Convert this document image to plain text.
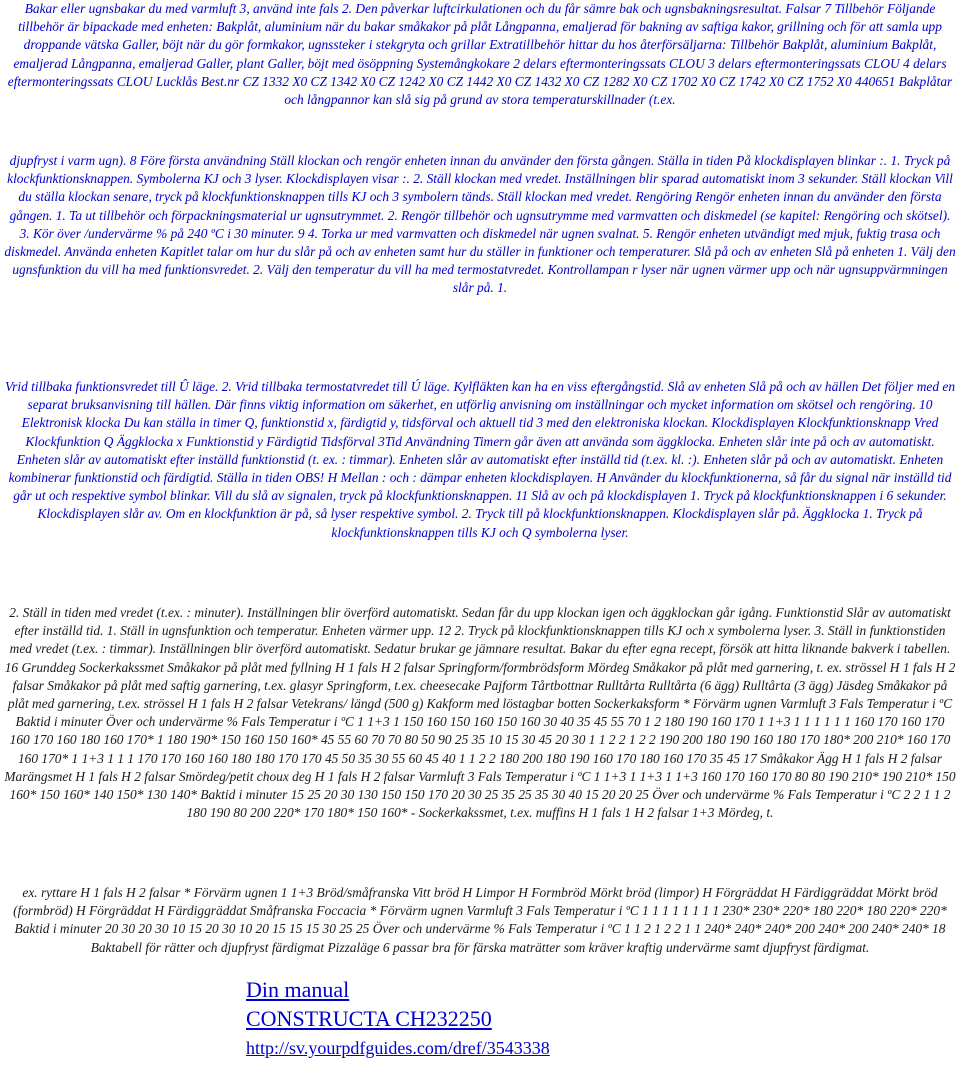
Bakar eller ugnsbakar du med varmluft 3, använd inte fals 2. Den påverkar luftcirkulationen och du får sämre bak och ugnsbakningsresultat. Falsar 7 Tillbehör Följande tillbehör är bipackade med enheten: Bakplåt, aluminium när du bakar småkakor på plåt Långpanna, emaljerad för bakning av saftiga kakor, grillning och för att samla upp droppande vätska Galler, böjt när du gör formkakor, ugnssteker i stekgryta och grillar Extratillbehör hittar du hos återförsäljarna: Tillbehör Bakplåt, aluminium Bakplåt, emaljerad Långpanna, emaljerad Galler, plant Galler, böjt med ösöppning Systemångkokare 2 delars eftermonteringssats CLOU 3 delars eftermonteringssats CLOU 4 delars eftermonteringssats CLOU Lucklås Best.nr CZ 1332 X0 CZ 1342 X0 CZ 1242 X0 CZ 1442 X0 CZ 1432 X0 CZ 1282 X0 CZ 1702 X0 CZ 1742 X0 CZ 1752 X0 440651 Bakplåtar och långpannor kan slå sig på grund av stora temperaturskillnader (t.ex.

djupfryst i varm ugn). 8 Före första användning Ställ klockan och rengör enheten innan du använder den första gången. Ställa in tiden På klockdisplayen blinkar :. 1. Tryck på klockfunktionsknappen. Symbolerna KJ och 3 lyser. Klockdisplayen visar :. 2. Ställ klockan med vredet. Inställningen blir sparad automatiskt inom 3 sekunder. Ställ klockan Vill du ställa klockan senare, tryck på klockfunktionsknappen tills KJ och 3 symbolern tänds. Ställ klockan med vredet. Rengöring Rengör enheten innan du använder den första gången. 1. Ta ut tillbehör och förpackningsmaterial ur ugnsutrymmet. 2. Rengör tillbehör och ugnsutrymme med varmvatten och diskmedel (se kapitel: Rengöring och skötsel). 3. Kör över /undervärme % på 240 ºC i 30 minuter. 9 4. Torka ur med varmvatten och diskmedel när ugnen svalnat. 5. Rengör enheten utvändigt med mjuk, fuktig trasa och diskmedel. Använda enheten Kapitlet talar om hur du slår på och av enheten samt hur du ställer in funktioner och temperaturer. Slå på och av enheten Slå på enheten 1. Välj den ugnsfunktion du vill ha med funktionsvredet. 2. Välj den temperatur du vill ha med termostatvredet. Kontrollampan r lyser när ugnen värmer upp och när ugnsuppvärmningen slår på. 1.

Vrid tillbaka funktionsvredet till Û läge. 2. Vrid tillbaka termostatvredet till Ú läge. Kylfläkten kan ha en viss eftergångstid. Slå av enheten Slå på och av hällen Det följer med en separat bruksanvisning till hällen. Där finns viktig information om säkerhet, en utförlig anvisning om inställningar och mycket information om skötsel och rengöring. 10 Elektronisk klocka Du kan ställa in timer Q, funktionstid x, färdigtid y, tidsförval och aktuell tid 3 med den elektroniska klockan. Klockdisplayen Klockfunktionsknapp Vred Klockfunktion Q Äggklocka x Funktionstid y Färdigtid Tidsförval 3Tid Användning Timern går även att använda som äggklocka. Enheten slår inte på och av automatiskt. Enheten slår av automatiskt efter inställd funktionstid (t. ex. : timmar). Enheten slår av automatiskt efter inställd tid (t.ex. kl. :). Enheten slår på och av automatiskt. Enheten kombinerar funktionstid och färdigtid. Ställa in tiden OBS! H Mellan : och : dämpar enheten klockdisplayen. H Använder du klockfunktionerna, så får du signal när inställd tid går ut och respektive symbol blinkar. Vill du slå av signalen, tryck på klockfunktionsknappen. 11 Slå av och på klockdisplayen 1. Tryck på klockfunktionsknappen i 6 sekunder. Klockdisplayen slår av. Om en klockfunktion är på, så lyser respektive symbol. 2. Tryck till på klockfunktionsknappen. Klockdisplayen slår på. Äggklocka 1. Tryck på klockfunktionsknappen tills KJ och Q symbolerna lyser.

2. Ställ in tiden med vredet (t.ex. : minuter). Inställningen blir överförd automatiskt. Sedan får du upp klockan igen och äggklockan går igång. Funktionstid Slår av automatiskt efter inställd tid. 1. Ställ in ugnsfunktion och temperatur. Enheten värmer upp. 12 2. Tryck på klockfunktionsknappen tills KJ och x symbolerna lyser. 3. Ställ in funktionstiden med vredet (t.ex. : timmar). Inställningen blir överförd automatiskt. Sedatur brukar ge jämnare resultat. Bakar du efter egna recept, försök att hitta liknande bakverk i tabellen. 16 Grunddeg Sockerkakssmet Småkakor på plåt med fyllning H 1 fals H 2 falsar Springform/formbrödsform Mördeg Småkakor på plåt med garnering, t. ex. strössel H 1 fals H 2 falsar Småkakor på plåt med saftig garnering, t.ex. glasyr Springform, t.ex. cheesecake Pajform Tårtbottnar Rulltårta Rulltårta (6 ägg) Rulltårta (3 ägg) Jäsdeg Småkakor på plåt med garnering, t.ex. strössel H 1 fals H 2 falsar Vetekrans/ längd (500 g) Kakform med löstagbar botten Sockerkaksform * Förvärm ugnen Varmluft 3 Fals Temperatur i ºC Baktid i minuter Över och undervärme % Fals Temperatur i ºC 1 1+3 1 150 160 150 160 150 160 30 40 35 45 55 70 1 2 180 190 160 170 1 1+3 1 1 1 1 1 1 160 170 160 170 160 170 160 180 160 170* 1 180 190* 150 160 150 160* 45 55 60 70 70 80 50 90 25 35 10 15 30 45 20 30 1 1 2 2 1 2 2 190 200 180 190 160 180 170 180* 200 210* 160 170 160 170* 1 1+3 1 1 1 170 170 160 160 180 180 170 170 45 50 35 30 55 60 45 40 1 1 2 2 180 200 180 190 160 170 180 160 170 35 45 17 Småkakor Ägg H 1 fals H 2 falsar Marängsmet H 1 fals H 2 falsar Smördeg/petit choux deg H 1 fals H 2 falsar Varmluft 3 Fals Temperatur i ºC 1 1+3 1 1+3 1 1+3 160 170 160 170 80 80 190 210* 190 210* 150 160* 150 160* 140 150* 130 140* Baktid i minuter 15 25 20 30 130 150 150 170 20 30 25 35 25 35 30 40 15 20 20 25 Över och undervärme % Fals Temperatur i ºC 2 2 1 1 2 180 190 80 200 220* 170 180* 150 160* - Sockerkakssmet, t.ex. muffins H 1 fals 1 H 2 falsar 1+3 Mördeg, t.

ex. ryttare H 1 fals H 2 falsar * Förvärm ugnen 1 1+3 Bröd/småfranska Vitt bröd H Limpor H Formbröd Mörkt bröd (limpor) H Förgräddat H Färdiggräddat Mörkt bröd (formbröd) H Förgräddat H Färdiggräddat Småfranska Foccacia * Förvärm ugnen Varmluft 3 Fals Temperatur i ºC 1 1 1 1 1 1 1 1 230* 230* 220* 180 220* 180 220* 220* Baktid i minuter 20 30 20 30 10 15 20 30 10 20 15 15 15 30 25 25 Över och undervärme % Fals Temperatur i ºC 1 1 2 1 2 2 1 1 240* 240* 240* 200 240* 200 240* 240* 18 Baktabell för rätter och djupfryst färdigmat Pizzaläge 6 passar bra för färska maträtter som kräver kraftig undervärme samt djupfryst färdigmat.

Din manual
CONSTRUCTA CH232250
http://sv.yourpdfguides.com/dref/3543338
